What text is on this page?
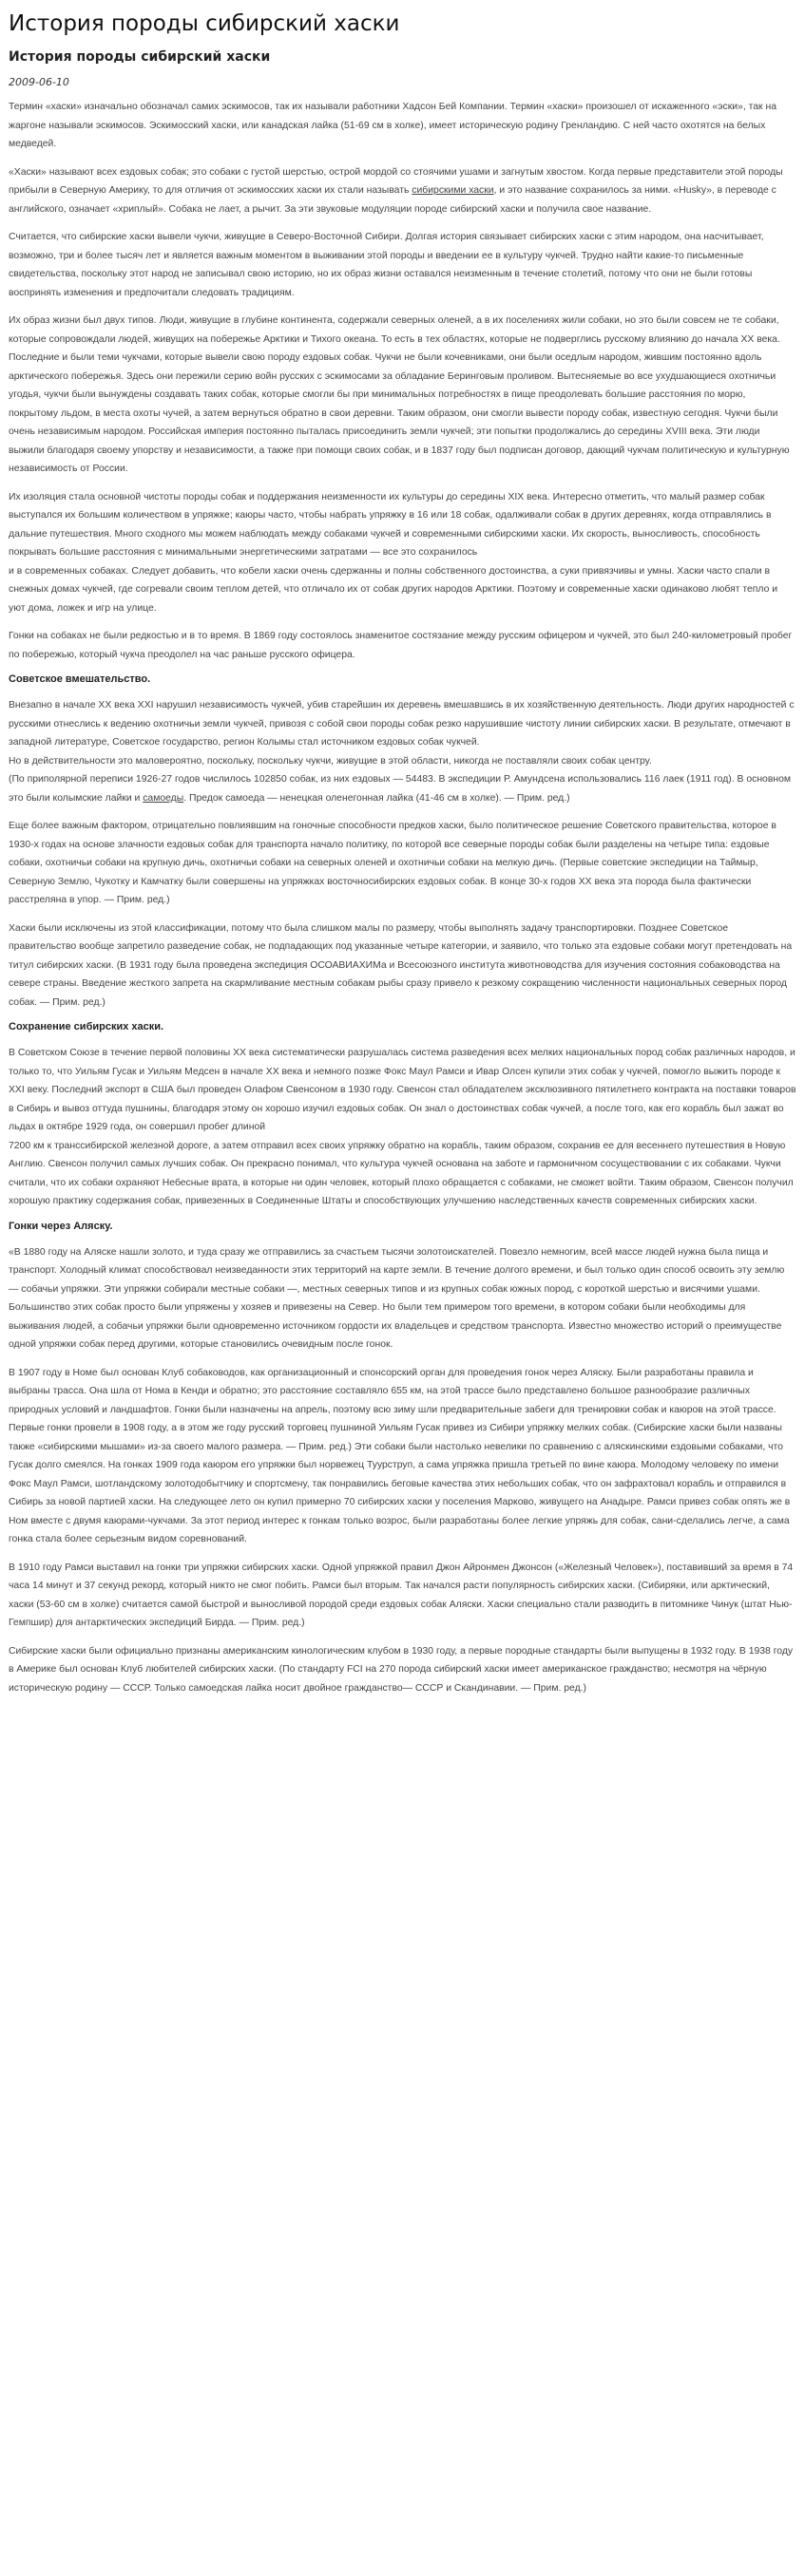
История породы сибирский хаски
История породы сибирский хаски
2009-06-10

Термин «хаски» изначально обозначал самих эскимосов, так их называли работники Хадсон Бей Компании. Термин «хаски» произошел от искаженного «эски», так на жаргоне называли эскимосов. Эскимосский хаски, или канадская лайка (51-69 см в холке), имеет историческую родину Гренландию. С ней часто охотятся на белых медведей.

«Хаски» называют всех ездовых собак; это собаки с густой шерстью, острой мордой со стоячими ушами и загнутым хвостом. Когда первые представители этой породы прибыли в Северную Америку, то для отличия от эскимосских хаски их стали называть сибирскими хаски, и это название сохранилось за ними. «Husky», в переводе с английского, означает «хриплый». Собака не лает, а рычит. За эти звуковые модуляции породе сибирский хаски и получила свое название.

Считается, что сибирские хаски вывели чукчи, живущие в Северо-Восточной Сибири. Долгая история связывает сибирских хаски с этим народом, она насчитывает, возможно, три и более тысяч лет и является важным моментом в выживании этой породы и введении ее в культуру чукчей. Трудно найти какие-то письменные свидетельства, поскольку этот народ не записывал свою историю, но их образ жизни оставался неизменным в течение столетий, потому что они не были готовы воспринять изменения и предпочитали следовать традициям.

Их образ жизни был двух типов. Люди, живущие в глубине континента, содержали северных оленей, а в их поселениях жили собаки, но это были совсем не те собаки, которые сопровождали людей, живущих на побережье Арктики и Тихого океана. То есть в тех областях, которые не подверглись русскому влиянию до начала XX века. Последние и были теми чукчами, которые вывели свою породу ездовых собак. Чукчи не были кочевниками, они были оседлым народом, жившим постоянно вдоль арктического побережья. Здесь они пережили серию войн русских с эскимосами за обладание Беринговым проливом. Вытесняемые во все ухудшающиеся охотничьи угодья, чукчи были вынуждены создавать таких собак, которые смогли бы при минимальных потребностях в пище преодолевать большие расстояния по морю, покрытому льдом, в места охоты чучей, а затем вернуться обратно в свои деревни. Таким образом, они смогли вывести породу собак, известную сегодня. Чукчи были очень независимым народом. Российская империя постоянно пыталась присоединить земли чукчей; эти попытки продолжались до середины XVIII века. Эти люди выжили благодаря своему упорству и независимости, а также при помощи своих собак, и в 1837 году был подписан договор, дающий чукчам политическую и культурную независимость от России.

Их изоляция стала основной чистоты породы собак и поддержания неизменности их культуры до середины XIX века. Интересно отметить, что малый размер собак выступался их большим количеством в упряжке; каюры часто, чтобы набрать упряжку в 16 или 18 собак, одалживали собак в других деревнях, когда отправлялись в дальние путешествия. Много сходного мы можем наблюдать между собаками чукчей и современными сибирскими хаски. Их скорость, выносливость, способность покрывать большие расстояния с минимальными энергетическими затратами — все это сохранилось

и в современных собаках. Следует добавить, что кобели хаски очень сдержанны и полны собственного достоинства, а суки привязчивы и умны. Хаски часто спали в снежных домах чукчей, где согревали своим теплом детей, что отличало их от собак других народов Арктики. Поэтому и современные хаски одинаково любят тепло и уют дома, ложек и игр на улице.

Гонки на собаках не были редкостью и в то время. В 1869 году состоялось знаменитое состязание между русским офицером и чукчей, это был 240-километровый пробег по побережью, который чукча преодолел на час раньше русского офицера.

Советское вмешательство.

Внезапно в начале XX века XXI нарушил независимость чукчей, убив старейшин их деревень вмешавшись в их хозяйственную деятельность. Люди других народностей с русскими отнеслись к ведению охотничьи земли чукчей, привозя с собой свои породы собак резко нарушившие чистоту линии сибирских хаски. В результате, отмечают в западной литературе, Советское государство, регион Колымы стал источником ездовых собак чукчей.

Но в действительности это маловероятно, поскольку, поскольку чукчи, живущие в этой области, никогда не поставляли своих собак центру.

(По приполярной переписи 1926-27 годов числилось 102850 собак, из них ездовых — 54483. В экспедиции Р. Амундсена использовались 116 лаек (1911 год). В основном это были колымские лайки и самоеды. Предок самоеда — ненецкая оленегонная лайка (41-46 см в холке). — Прим. ред.)

Еще более важным фактором, отрицательно повлиявшим на гоночные способности предков хаски, было политическое решение Советского правительства, которое в 1930-х годах на основе злачности ездовых собак для транспорта начало политику, по которой все северные породы собак были разделены на четыре типа: ездовые собаки, охотничьи собаки на крупную дичь, охотничьи собаки на северных оленей и охотничьи собаки на мелкую дичь. (Первые советские экспедиции на Таймыр, Северную Землю, Чукотку и Камчатку были совершены на упряжках восточносибирских ездовых собак. В конце 30-х годов XX века эта порода была фактически расстреляна в упор. — Прим. ред.)

Хаски были исключены из этой классификации, потому что была слишком малы по размеру, чтобы выполнять задачу транспортировки. Позднее Советское правительство вообще запретило разведение собак, не подпадающих под указанные четыре категории, и заявило, что только эта ездовые собаки могут претендовать на титул сибирских хаски. (В 1931 году была проведена экспедиция ОСОАВИАХИМа и Всесоюзного института животноводства для изучения состояния собаководства на севере страны. Введение жесткого запрета на скармливание местным собакам рыбы сразу привело к резкому сокращению численности национальных северных пород собак. — Прим. ред.)

Сохранение сибирских хаски.

В Советском Союзе в течение первой половины XX века систематически разрушалась система разведения всех мелких национальных пород собак различных народов, и только то, что Уильям Гусак и Уильям Медсен в начале XX века и немного позже Фокс Маул Рамси и Ивар Олсен купили этих собак у чукчей, помогло выжить породе к XXI веку. Последний экспорт в США был проведен Олафом Свенсоном в 1930 году. Свенсон стал обладателем эксклюзивного пятилетнего контракта на поставки товаров в Сибирь и вывоз оттуда пушнины, благодаря этому он хорошо изучил ездовых собак. Он знал о достоинствах собак чукчей, а после того, как его корабль был зажат во льдах в октябре 1929 года, он совершил пробег длиной

7200 км к трансcибирской железной дороге, а затем отправил всех своих упряжку обратно на корабль, таким образом, сохранив ее для весеннего путешествия в Новую Англию. Свенсон получил самых лучших собак. Он прекрасно понимал, что культура чукчей основана на заботе и гармоничном сосуществовании с их собаками. Чукчи считали, что их собаки охраняют Небесные врата, в которые ни один человек, который плохо обращается с собаками, не сможет войти. Таким образом, Свенсон получил хорошую практику содержания собак, привезенных в Соединенные Штаты и способствующих улучшению наследственных качеств современных сибирских хаски.

Гонки через Аляску.

«В 1880 году на Аляске нашли золото, и туда сразу же отправились за счастьем тысячи золотоискателей. Повезло немногим, всей массе людей нужна была пища и транспорт. Холодный климат способствовал неизведанности этих территорий на карте земли. В течение долгого времени, и был только один способ освоить эту землю — собачьи упряжки. Эти упряжки собирали местные собаки —, местных северных типов и из крупных собак южных пород, с короткой шерстью и висячими ушами. Большинство этих собак просто были упряжены у хозяев и привезены на Север. Но были тем примером того времени, в котором собаки были необходимы для выживания людей, а собачьи упряжки были одновременно источником гордости их владельцев и средством транспорта. Известно множество историй о преимуществе одной упряжки собак перед другими, которые становились очевидным после гонок.

В 1907 году в Номе был основан Клуб собаководов, как организационный и спонсорский орган для проведения гонок через Аляску. Были разработаны правила и выбраны трасса. Она шла от Нома в Кенди и обратно; это расстояние составляло 655 км, на этой трассе было представлено большое разнообразие различных природных условий и ландшафтов. Гонки были назначены на апрель, поэтому всю зиму шли предварительные забеги для тренировки собак и каюров на этой трассе.

Первые гонки провели в 1908 году, а в этом же году русский торговец пушниной Уильям Гусак привез из Сибири упряжку мелких собак. (Сибирские хаски были названы также «сибирскими мышами» из-за своего малого размера. — Прим. ред.) Эти собаки были настолько невелики по сравнению с аляскинскими ездовыми собаками, что Гусак долго смеялся. На гонках 1909 года каюром его упряжки был норвежец Туурструп, а сама упряжка пришла третьей по вине каюра. Молодому человеку по имени Фокс Маул Рамси, шотландскому золотодобытчику и спортсмену, так понравились беговые качества этих небольших собак, что он зафрахтовал корабль и отправился в Сибирь за новой партией хаски. На следующее лето он купил примерно 70 сибирских хаски у поселения Марково, живущего на Анадыре. Рамси привез собак опять же в Ном вместе с двумя каюрами-чукчами. За этот период интерес к гонкам только возрос, были разработаны более легкие упряжь для собак, сани-сделались легче, а сама гонка стала более серьезным видом соревнований.

В 1910 году Рамси выставил на гонки три упряжки сибирских хаски. Одной упряжкой правил Джон Айронмен Джонсон («Железный Человек»), поставивший за время в 74 часа 14 минут и 37 секунд рекорд, который никто не смог побить. Рамси был вторым. Так начался расти популярность сибирских хаски. (Сибиряки, или арктический, хаски (53-60 см в холке) считается самой быстрой и выносливой породой среди ездовых собак Аляски. Хаски специально стали разводить в питомнике Чинук (штат Нью-Гемпшир) для антарктических экспедиций Бирда. — Прим. ред.)

Сибирские хаски были официально признаны американским кинологическим клубом в 1930 году, а первые породные стандарты были выпущены в 1932 году. В 1938 году в Америке был основан Клуб любителей сибирских хаски. (По стандарту FCI на 270 порода сибирский хаски имеет американское гражданство; несмотря на чёрную историческую родину — СССР. Только самоедская лайка носит двойное гражданство— СССР и Скандинавии. — Прим. ред.)
